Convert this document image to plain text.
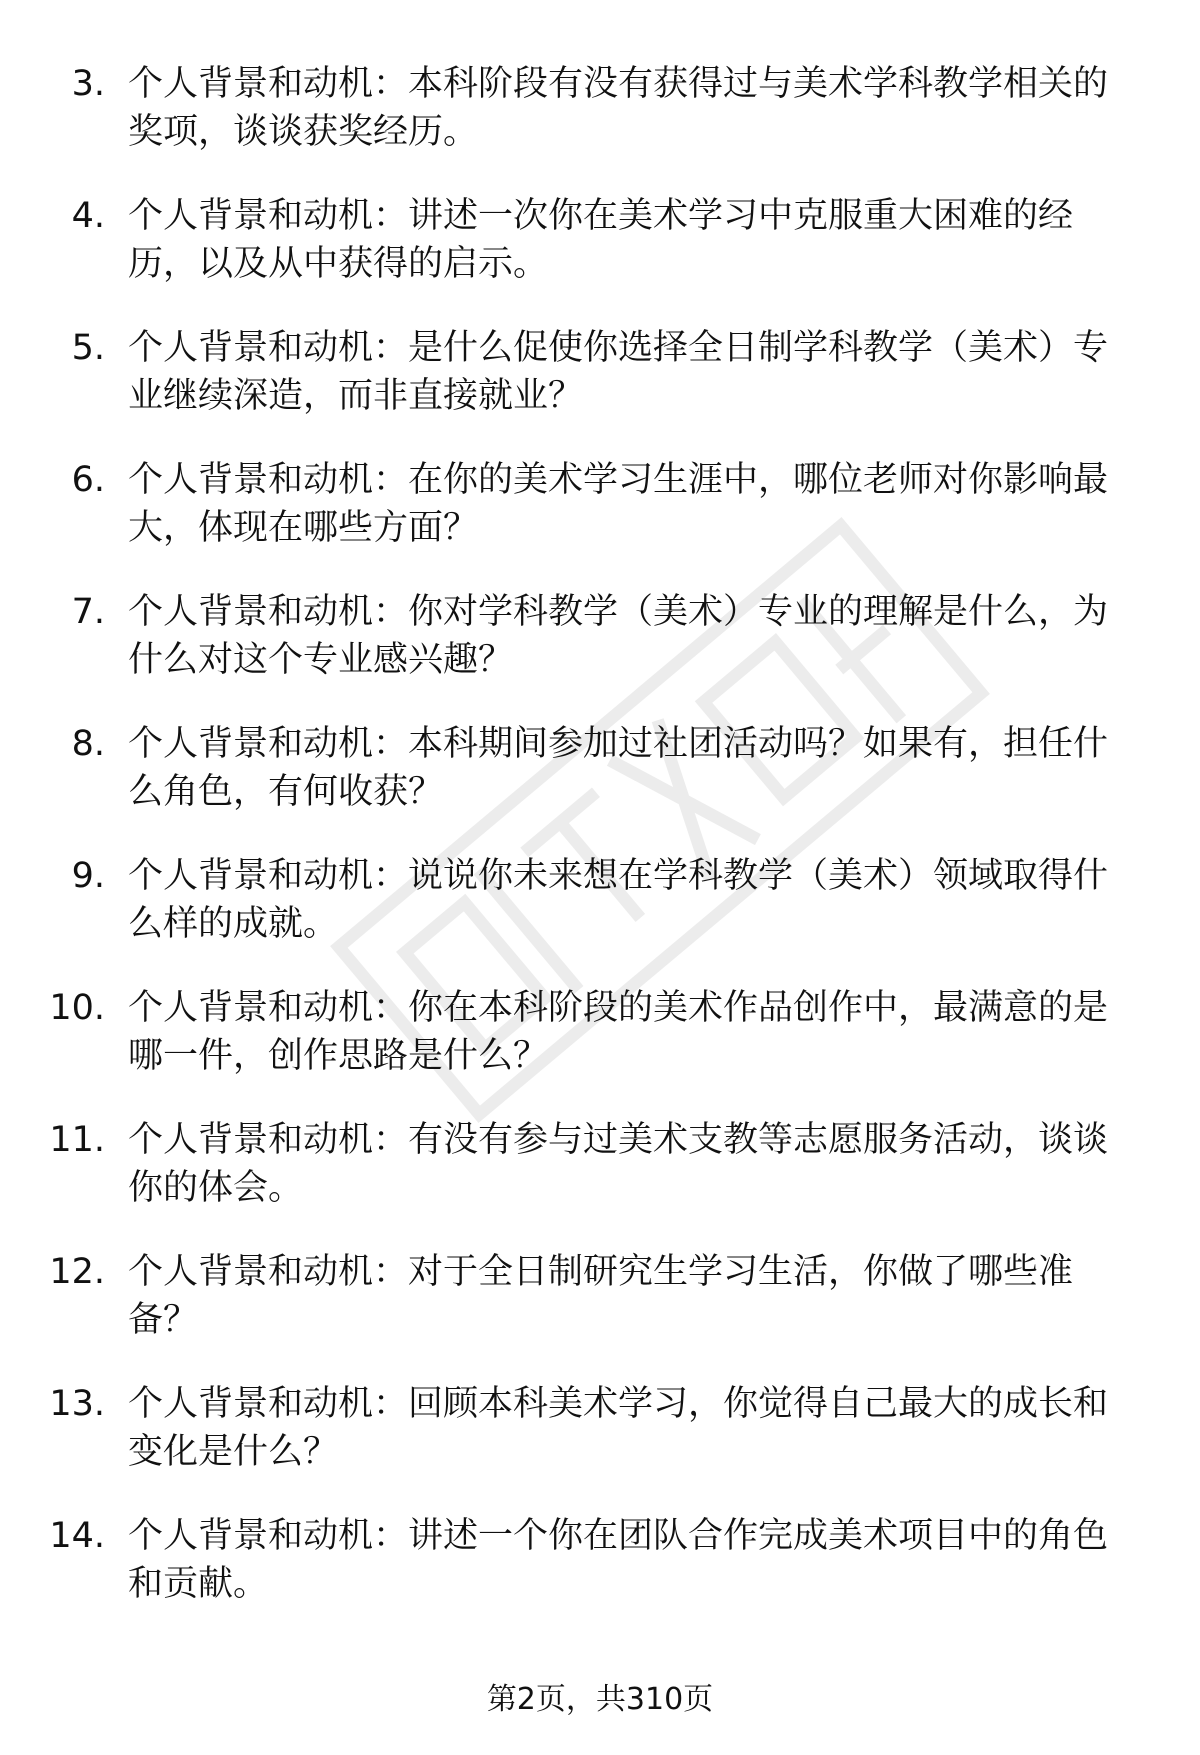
3. 个人背景和动机：本科阶段有没有获得过与美术学科教学相关的奖项，谈谈获奖经历。
4. 个人背景和动机：讲述一次你在美术学习中克服重大困难的经历，以及从中获得的启示。
5. 个人背景和动机：是什么促使你选择全日制学科教学（美术）专业继续深造，而非直接就业？
6. 个人背景和动机：在你的美术学习生涯中，哪位老师对你影响最大，体现在哪些方面？
7. 个人背景和动机：你对学科教学（美术）专业的理解是什么，为什么对这个专业感兴趣？
8. 个人背景和动机：本科期间参加过社团活动吗？如果有，担任什么角色，有何收获？
9. 个人背景和动机：说说你未来想在学科教学（美术）领域取得什么样的成就。
10. 个人背景和动机：你在本科阶段的美术作品创作中，最满意的是哪一件，创作思路是什么？
11. 个人背景和动机：有没有参与过美术支教等志愿服务活动，谈谈你的体会。
12. 个人背景和动机：对于全日制研究生学习生活，你做了哪些准备？
13. 个人背景和动机：回顾本科美术学习，你觉得自己最大的成长和变化是什么？
14. 个人背景和动机：讲述一个你在团队合作完成美术项目中的角色和贡献。
第2页，共310页
